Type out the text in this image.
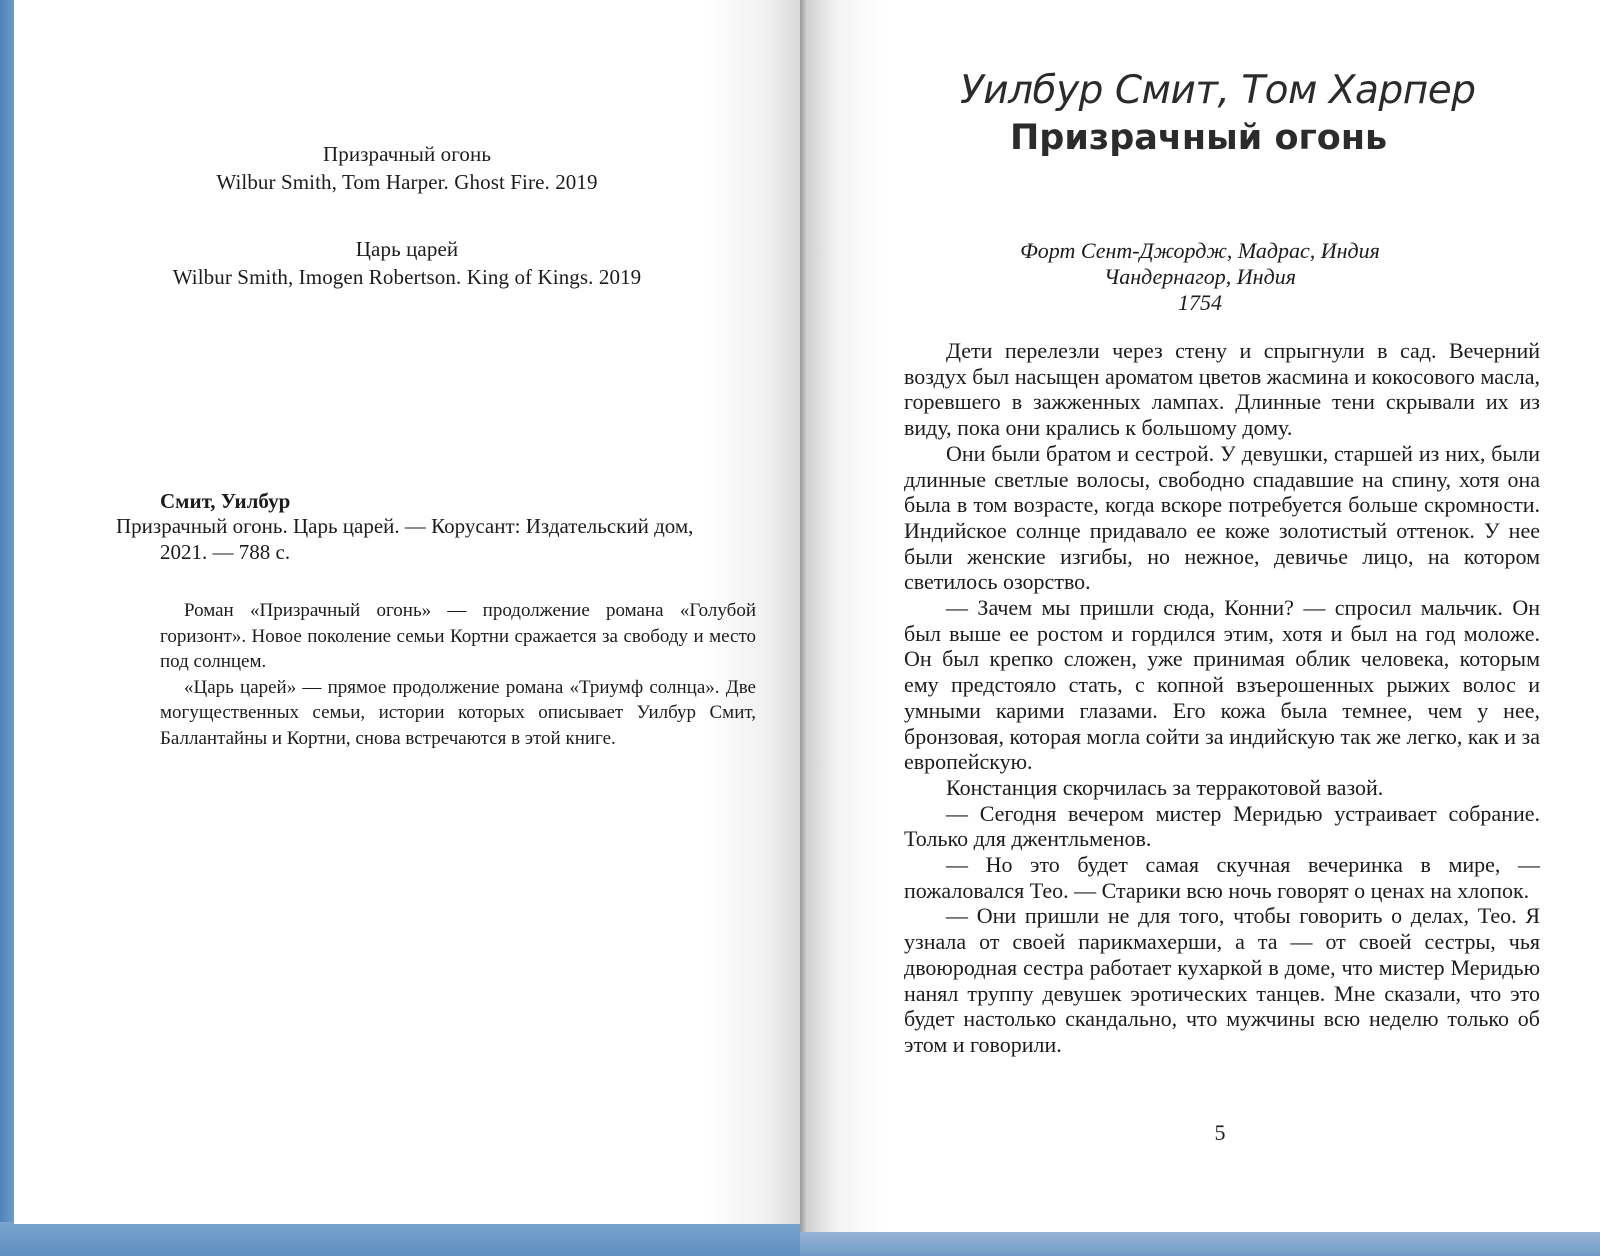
Призрачный огонь
Wilbur Smith, Tom Harper. Ghost Fire. 2019
Царь царей
Wilbur Smith, Imogen Robertson. King of Kings. 2019
Смит, Уилбур
Призрачный огонь. Царь царей. — Корусант: Издательский дом,
2021. — 788 с.

Роман «Призрачный огонь» — продолжение романа «Голубой горизонт». Новое поколение семьи Кортни сражается за свободу и место под солнцем.

«Царь царей» — прямое продолжение романа «Триумф солнца». Две могущественных семьи, истории которых описывает Уилбур Смит, Баллантайны и Кортни, снова встречаются в этой книге.

Уилбур Смит, Том Харпер
Призрачный огонь
Форт Сент-Джордж, Мадрас, Индия
Чандернагор, Индия
1754

Дети перелезли через стену и спрыгнули в сад. Вечерний воздух был насыщен ароматом цветов жасмина и кокосового масла, горевшего в зажженных лампах. Длинные тени скрывали их из виду, пока они крались к большому дому.

Они были братом и сестрой. У девушки, старшей из них, были длинные светлые волосы, свободно спадавшие на спину, хотя она была в том возрасте, когда вскоре потребуется больше скромности. Индийское солнце придавало ее коже золотистый оттенок. У нее были женские изгибы, но нежное, девичье лицо, на котором светилось озорство.

— Зачем мы пришли сюда, Конни? — спросил мальчик. Он был выше ее ростом и гордился этим, хотя и был на год моложе. Он был крепко сложен, уже принимая облик человека, которым ему предстояло стать, с копной взъерошенных рыжих волос и умными карими глазами. Его кожа была темнее, чем у нее, бронзовая, которая могла сойти за индийскую так же легко, как и за европейскую.

Констанция скорчилась за терракотовой вазой.

— Сегодня вечером мистер Меридью устраивает собрание. Только для джентльменов.

— Но это будет самая скучная вечеринка в мире, — пожаловался Тео. — Старики всю ночь говорят о ценах на хлопок.

— Они пришли не для того, чтобы говорить о делах, Тео. Я узнала от своей парикмахерши, а та — от своей сестры, чья двоюродная сестра работает кухаркой в доме, что мистер Меридью нанял труппу девушек эротических танцев. Мне сказали, что это будет настолько скандально, что мужчины всю неделю только об этом и говорили.

5
